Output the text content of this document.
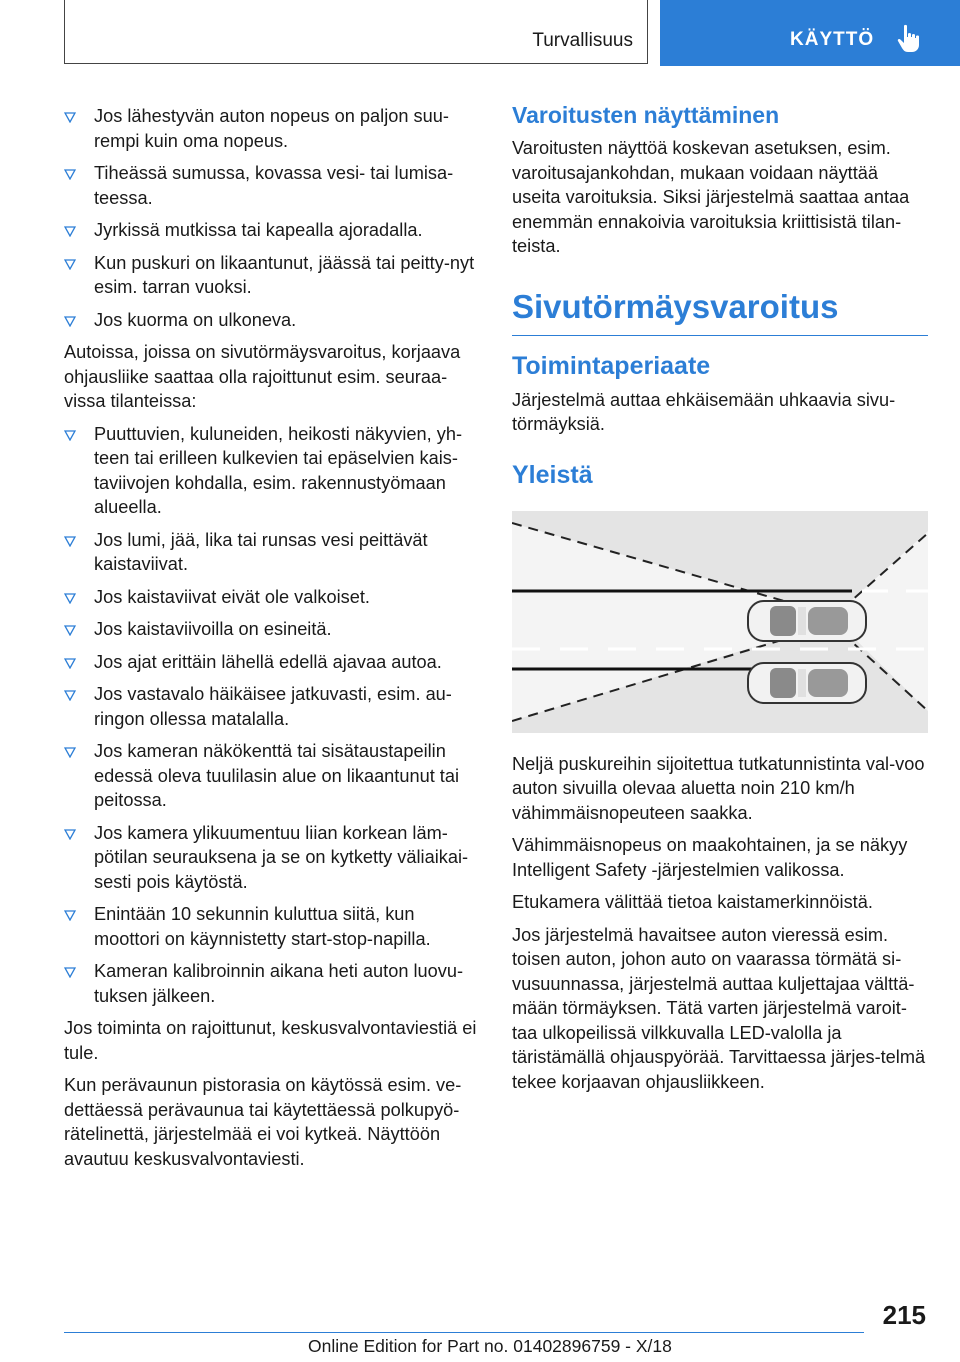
Turvallisuus	KÄYTTÖ
Jos lähestyvän auton nopeus on paljon suu-rempi kuin oma nopeus.
Tiheässä sumussa, kovassa vesi- tai lumisa-teessa.
Jyrkissä mutkissa tai kapealla ajoradalla.
Kun puskuri on likaantunut, jäässä tai peitty-nyt esim. tarran vuoksi.
Jos kuorma on ulkoneva.

Autoissa, joissa on sivutörmäysvaroitus, korjaava ohjausliike saattaa olla rajoittunut esim. seuraa-vissa tilanteissa:

Puuttuvien, kuluneiden, heikosti näkyvien, yh-teen tai erilleen kulkevien tai epäselvien kais-taviivojen kohdalla, esim. rakennustyömaan alueella.
Jos lumi, jää, lika tai runsas vesi peittävät kaistaviivat.
Jos kaistaviivat eivät ole valkoiset.
Jos kaistaviivoilla on esineitä.
Jos ajat erittäin lähellä edellä ajavaa autoa.
Jos vastavalo häikäisee jatkuvasti, esim. au-ringon ollessa matalalla.
Jos kameran näkökenttä tai sisätaustapeilin edessä oleva tuulilasin alue on likaantunut tai peitossa.
Jos kamera ylikuumentuu liian korkean läm-pötilan seurauksena ja se on kytketty väliaikai-sesti pois käytöstä.
Enintään 10 sekunnin kuluttua siitä, kun moottori on käynnistetty start-stop-napilla.
Kameran kalibroinnin aikana heti auton luovu-tuksen jälkeen.

Jos toiminta on rajoittunut, keskusvalvontaviestiä ei tule.

Kun perävaunun pistorasia on käytössä esim. ve-dettäessä perävaunua tai käytettäessä polkupyö-rätelinettä, järjestelmää ei voi kytkeä. Näyttöön avautuu keskusvalvontaviesti.

Varoitusten näyttäminen

Varoitusten näyttöä koskevan asetuksen, esim. varoitusajankohdan, mukaan voidaan näyttää useita varoituksia. Siksi järjestelmä saattaa antaa enemmän ennakoivia varoituksia kriittisistä tilan-teista.

Sivutörmäysvaroitus
Toimintaperiaate

Järjestelmä auttaa ehkäisemään uhkaavia sivu-törmäyksiä.

Yleistä

Neljä puskureihin sijoitettua tutkatunnistinta val-voo auton sivuilla olevaa aluetta noin 210 km/h vähimmäisnopeuteen saakka.

Vähimmäisnopeus on maakohtainen, ja se näkyy Intelligent Safety -järjestelmien valikossa.

Etukamera välittää tietoa kaistamerkinnöistä.

Jos järjestelmä havaitsee auton vieressä esim. toisen auton, johon auto on vaarassa törmätä si-vusuunnassa, järjestelmä auttaa kuljettajaa välttä-mään törmäyksen. Tätä varten järjestelmä varoit-taa ulkopeilissä vilkkuvalla LED-valolla ja täristämällä ohjauspyörää. Tarvittaessa järjes-telmä tekee korjaavan ohjausliikkeen.

215
Online Edition for Part no. 01402896759 - X/18
